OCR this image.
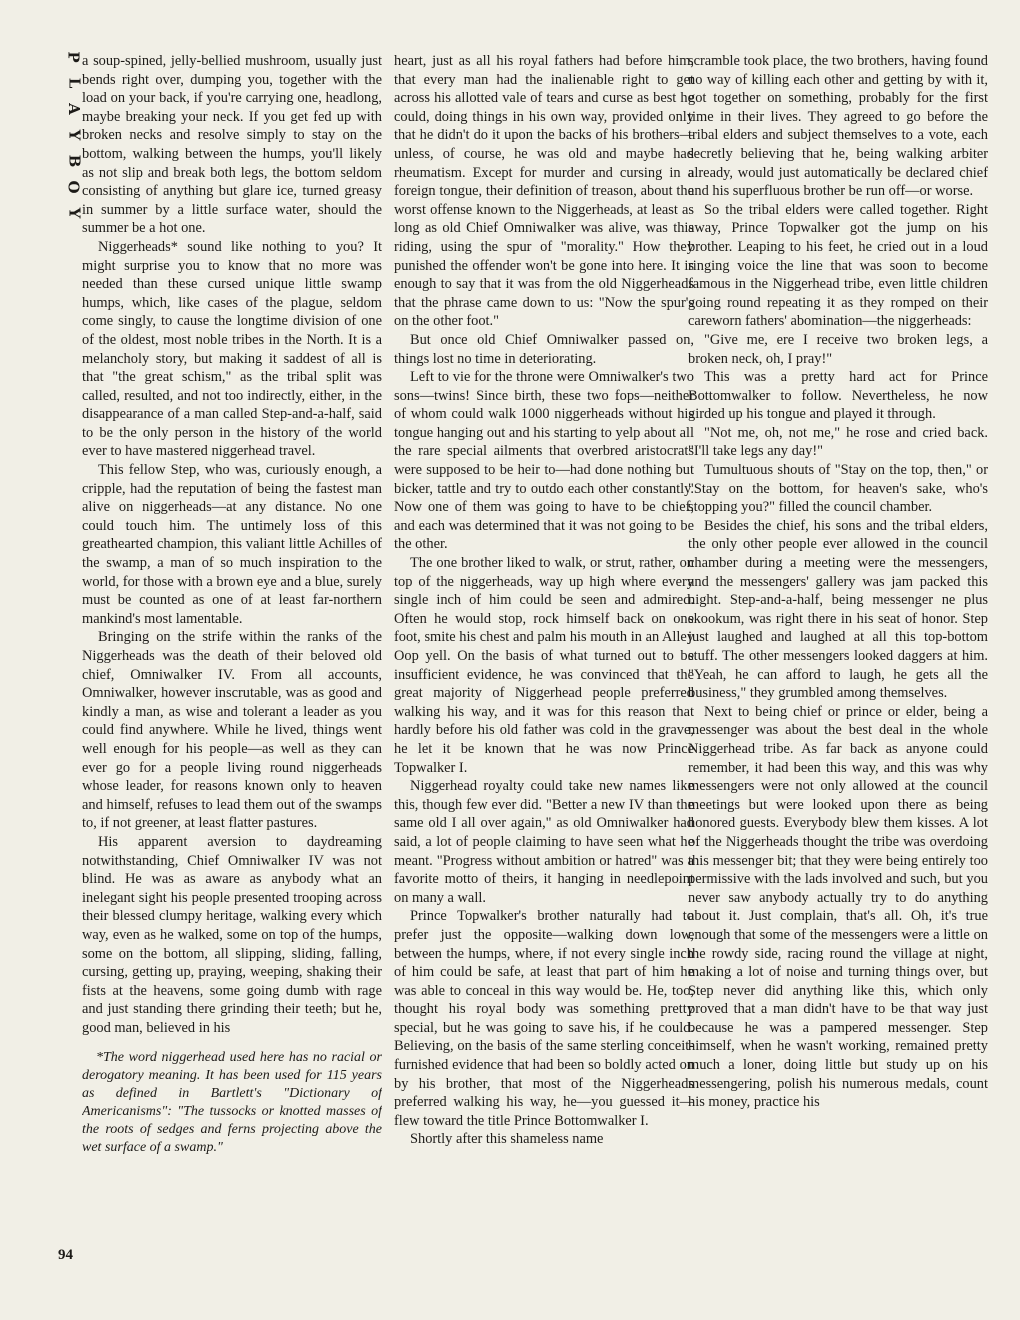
P
L
A
Y
B
O
Y
94

a soup-spined, jelly-bellied mushroom, usually just bends right over, dumping you, together with the load on your back, if you're carrying one, headlong, maybe breaking your neck. If you get fed up with broken necks and resolve simply to stay on the bottom, walking between the humps, you'll likely as not slip and break both legs, the bottom seldom consisting of anything but glare ice, turned greasy in summer by a little surface water, should the summer be a hot one.

Niggerheads* sound like nothing to you? It might surprise you to know that no more was needed than these cursed unique little swamp humps, which, like cases of the plague, seldom come singly, to cause the longtime division of one of the oldest, most noble tribes in the North. It is a melancholy story, but making it saddest of all is that "the great schism," as the tribal split was called, resulted, and not too indirectly, either, in the disappearance of a man called Step-and-a-half, said to be the only person in the history of the world ever to have mastered niggerhead travel.

This fellow Step, who was, curiously enough, a cripple, had the reputation of being the fastest man alive on niggerheads—at any distance. No one could touch him. The untimely loss of this greathearted champion, this valiant little Achilles of the swamp, a man of so much inspiration to the world, for those with a brown eye and a blue, surely must be counted as one of at least far-northern mankind's most lamentable.

Bringing on the strife within the ranks of the Niggerheads was the death of their beloved old chief, Omniwalker IV. From all accounts, Omniwalker, however inscrutable, was as good and kindly a man, as wise and tolerant a leader as you could find anywhere. While he lived, things went well enough for his people—as well as they can ever go for a people living round niggerheads whose leader, for reasons known only to heaven and himself, refuses to lead them out of the swamps to, if not greener, at least flatter pastures.

His apparent aversion to daydreaming notwithstanding, Chief Omniwalker IV was not blind. He was as aware as anybody what an inelegant sight his people presented trooping across their blessed clumpy heritage, walking every which way, even as he walked, some on top of the humps, some on the bottom, all slipping, sliding, falling, cursing, getting up, praying, weeping, shaking their fists at the heavens, some going dumb with rage and just standing there grinding their teeth; but he, good man, believed in his

*The word niggerhead used here has no racial or derogatory meaning. It has been used for 115 years as defined in Bartlett's "Dictionary of Americanisms": "The tussocks or knotted masses of the roots of sedges and ferns projecting above the wet surface of a swamp."

heart, just as all his royal fathers had before him, that every man had the inalienable right to get across his allotted vale of tears and curse as best he could, doing things in his own way, provided only that he didn't do it upon the backs of his brothers—unless, of course, he was old and maybe had rheumatism. Except for murder and cursing in a foreign tongue, their definition of treason, about the worst offense known to the Niggerheads, at least as long as old Chief Omniwalker was alive, was this riding, using the spur of "morality." How they punished the offender won't be gone into here. It is enough to say that it was from the old Niggerheads that the phrase came down to us: "Now the spur's on the other foot."

But once old Chief Omniwalker passed on, things lost no time in deteriorating.

Left to vie for the throne were Omniwalker's two sons—twins! Since birth, these two fops—neither of whom could walk 1000 niggerheads without his tongue hanging out and his starting to yelp about all the rare special ailments that overbred aristocrats were supposed to be heir to—had done nothing but bicker, tattle and try to outdo each other constantly. Now one of them was going to have to be chief, and each was determined that it was not going to be the other.

The one brother liked to walk, or strut, rather, on top of the niggerheads, way up high where every single inch of him could be seen and admired. Often he would stop, rock himself back on one foot, smite his chest and palm his mouth in an Alley Oop yell. On the basis of what turned out to be insufficient evidence, he was convinced that the great majority of Niggerhead people preferred walking his way, and it was for this reason that hardly before his old father was cold in the grave, he let it be known that he was now Prince Topwalker I.

Niggerhead royalty could take new names like this, though few ever did. "Better a new IV than the same old I all over again," as old Omniwalker had said, a lot of people claiming to have seen what he meant. "Progress without ambition or hatred" was a favorite motto of theirs, it hanging in needlepoint on many a wall.

Prince Topwalker's brother naturally had to prefer just the opposite—walking down low, between the humps, where, if not every single inch of him could be safe, at least that part of him he was able to conceal in this way would be. He, too, thought his royal body was something pretty special, but he was going to save his, if he could. Believing, on the basis of the same sterling conceit-furnished evidence that had been so boldly acted on by his brother, that most of the Niggerheads preferred walking his way, he—you guessed it—flew toward the title Prince Bottomwalker I.

Shortly after this shameless name

scramble took place, the two brothers, having found no way of killing each other and getting by with it, got together on something, probably for the first time in their lives. They agreed to go before the tribal elders and subject themselves to a vote, each secretly believing that he, being walking arbiter already, would just automatically be declared chief and his superfluous brother be run off—or worse.

So the tribal elders were called together. Right away, Prince Topwalker got the jump on his brother. Leaping to his feet, he cried out in a loud ringing voice the line that was soon to become famous in the Niggerhead tribe, even little children going round repeating it as they romped on their careworn fathers' abomination—the niggerheads:

"Give me, ere I receive two broken legs, a broken neck, oh, I pray!"

This was a pretty hard act for Prince Bottomwalker to follow. Nevertheless, he now girded up his tongue and played it through.

"Not me, oh, not me," he rose and cried back. "I'll take legs any day!"

Tumultuous shouts of "Stay on the top, then," or "Stay on the bottom, for heaven's sake, who's stopping you?" filled the council chamber.

Besides the chief, his sons and the tribal elders, the only other people ever allowed in the council chamber during a meeting were the messengers, and the messengers' gallery was jam packed this night. Step-and-a-half, being messenger ne plus skookum, was right there in his seat of honor. Step just laughed and laughed at all this top-bottom stuff. The other messengers looked daggers at him. "Yeah, he can afford to laugh, he gets all the business," they grumbled among themselves.

Next to being chief or prince or elder, being a messenger was about the best deal in the whole Niggerhead tribe. As far back as anyone could remember, it had been this way, and this was why messengers were not only allowed at the council meetings but were looked upon there as being honored guests. Everybody blew them kisses. A lot of the Niggerheads thought the tribe was overdoing this messenger bit; that they were being entirely too permissive with the lads involved and such, but you never saw anybody actually try to do anything about it. Just complain, that's all. Oh, it's true enough that some of the messengers were a little on the rowdy side, racing round the village at night, making a lot of noise and turning things over, but Step never did anything like this, which only proved that a man didn't have to be that way just because he was a pampered messenger. Step himself, when he wasn't working, remained pretty much a loner, doing little but study up on his messengering, polish his numerous medals, count his money, practice his
